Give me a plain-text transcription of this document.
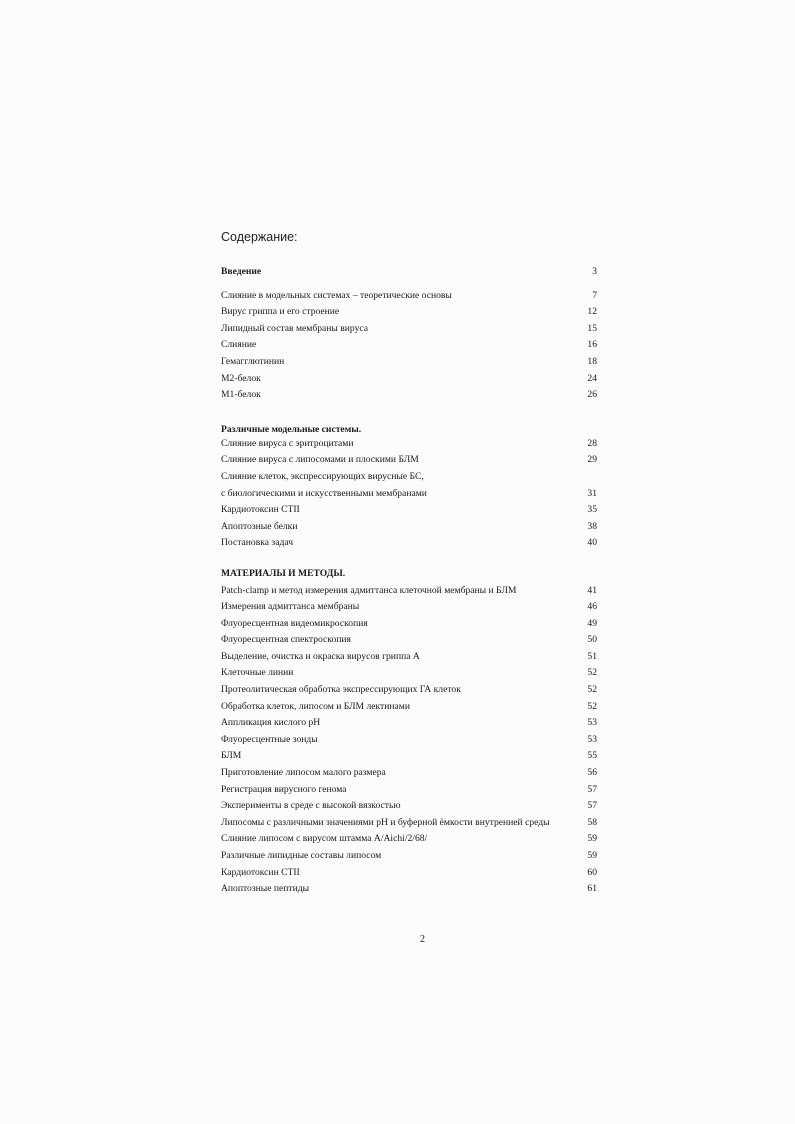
Содержание:
Введение	3
Слияние в модельных системах – теоретические основы	7
Вирус гриппа и его строение	12
Липидный состав мембраны вируса	15
Слияние	16
Гемагглютинин	18
М2-белок	24
М1-белок	26
Различные модельные системы.
Слияние вируса с эритроцитами	28
Слияние вируса с липосомами и плоскими БЛМ	29
Слияние клеток, экспрессирующих вирусные БС,
с биологическими и искусственными мембранами	31
Кардиотоксин СТII	35
Апоптозные белки	38
Постановка задач	40
МАТЕРИАЛЫ И МЕТОДЫ.
Patch-clamp и метод измерения адмиттанса клеточной мембраны и БЛМ	41
Измерения адмиттанса мембраны	46
Флуоресцентная видеомикроскопия	49
Флуоресцентная спектроскопия	50
Выделение, очистка и окраска вирусов гриппа А	51
Клеточные линии	52
Протеолитическая обработка экспрессирующих ГА клеток	52
Обработка клеток, липосом и БЛМ лектинами	52
Аппликация кислого рН	53
Флуоресцентные зонды	53
БЛМ	55
Приготовление липосом малого размера	56
Регистрация вирусного генома	57
Эксперименты в среде с высокой вязкостью	57
Липосомы с различными значениями рН и буферной ёмкости внутренней среды	58
Слияние липосом с вирусом штамма A/Aichi/2/68/	59
Различные липидные составы липосом	59
Кардиотоксин СТII	60
Апоптозные пептиды	61
2
